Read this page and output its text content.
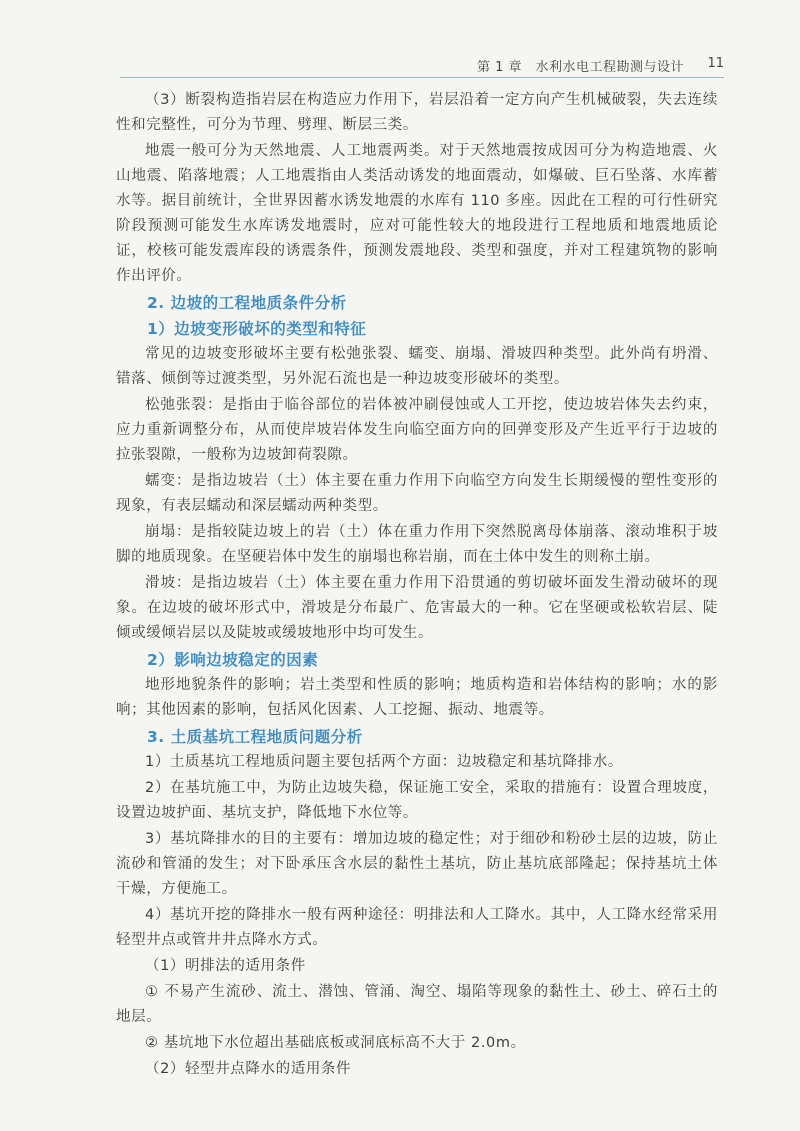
第 1 章　水利水电工程勘测与设计 11

（3）断裂构造指岩层在构造应力作用下，岩层沿着一定方向产生机械破裂，失去连续性和完整性，可分为节理、劈理、断层三类。

地震一般可分为天然地震、人工地震两类。对于天然地震按成因可分为构造地震、火山地震、陷落地震；人工地震指由人类活动诱发的地面震动，如爆破、巨石坠落、水库蓄水等。据目前统计，全世界因蓄水诱发地震的水库有 110 多座。因此在工程的可行性研究阶段预测可能发生水库诱发地震时，应对可能性较大的地段进行工程地质和地震地质论证，校核可能发震库段的诱震条件，预测发震地段、类型和强度，并对工程建筑物的影响作出评价。

2. 边坡的工程地质条件分析
1）边坡变形破坏的类型和特征

常见的边坡变形破坏主要有松弛张裂、蠕变、崩塌、滑坡四种类型。此外尚有坍滑、错落、倾倒等过渡类型，另外泥石流也是一种边坡变形破坏的类型。

松弛张裂：是指由于临谷部位的岩体被冲刷侵蚀或人工开挖，使边坡岩体失去约束，应力重新调整分布，从而使岸坡岩体发生向临空面方向的回弹变形及产生近平行于边坡的拉张裂隙，一般称为边坡卸荷裂隙。

蠕变：是指边坡岩（土）体主要在重力作用下向临空方向发生长期缓慢的塑性变形的现象，有表层蠕动和深层蠕动两种类型。

崩塌：是指较陡边坡上的岩（土）体在重力作用下突然脱离母体崩落、滚动堆积于坡脚的地质现象。在坚硬岩体中发生的崩塌也称岩崩，而在土体中发生的则称土崩。

滑坡：是指边坡岩（土）体主要在重力作用下沿贯通的剪切破坏面发生滑动破坏的现象。在边坡的破坏形式中，滑坡是分布最广、危害最大的一种。它在坚硬或松软岩层、陡倾或缓倾岩层以及陡坡或缓坡地形中均可发生。

2）影响边坡稳定的因素

地形地貌条件的影响；岩土类型和性质的影响；地质构造和岩体结构的影响；水的影响；其他因素的影响，包括风化因素、人工挖掘、振动、地震等。

3. 土质基坑工程地质问题分析

1）土质基坑工程地质问题主要包括两个方面：边坡稳定和基坑降排水。

2）在基坑施工中，为防止边坡失稳，保证施工安全，采取的措施有：设置合理坡度，设置边坡护面、基坑支护，降低地下水位等。

3）基坑降排水的目的主要有：增加边坡的稳定性；对于细砂和粉砂土层的边坡，防止流砂和管涌的发生；对下卧承压含水层的黏性土基坑，防止基坑底部隆起；保持基坑土体干燥，方便施工。

4）基坑开挖的降排水一般有两种途径：明排法和人工降水。其中，人工降水经常采用轻型井点或管井井点降水方式。

（1）明排法的适用条件

① 不易产生流砂、流土、潜蚀、管涌、淘空、塌陷等现象的黏性土、砂土、碎石土的地层。

② 基坑地下水位超出基础底板或洞底标高不大于 2.0m。

（2）轻型井点降水的适用条件
